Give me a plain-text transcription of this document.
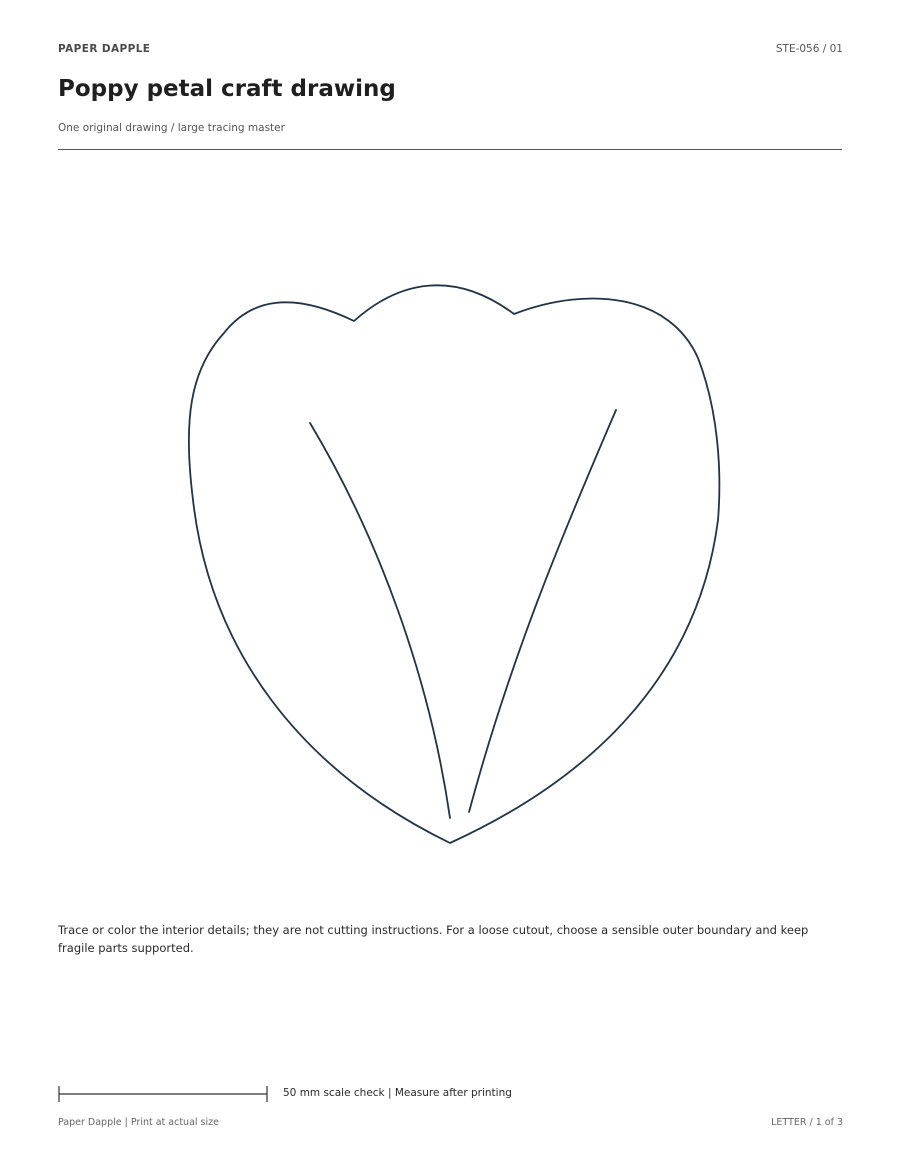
PAPER DAPPLE	STE-056 / 01
Poppy petal craft drawing
One original drawing / large tracing master

Trace or color the interior details; they are not cutting instructions. For a loose cutout, choose a sensible outer boundary and keep fragile parts supported.

50 mm scale check | Measure after printing
Paper Dapple | Print at actual size	LETTER / 1 of 3
